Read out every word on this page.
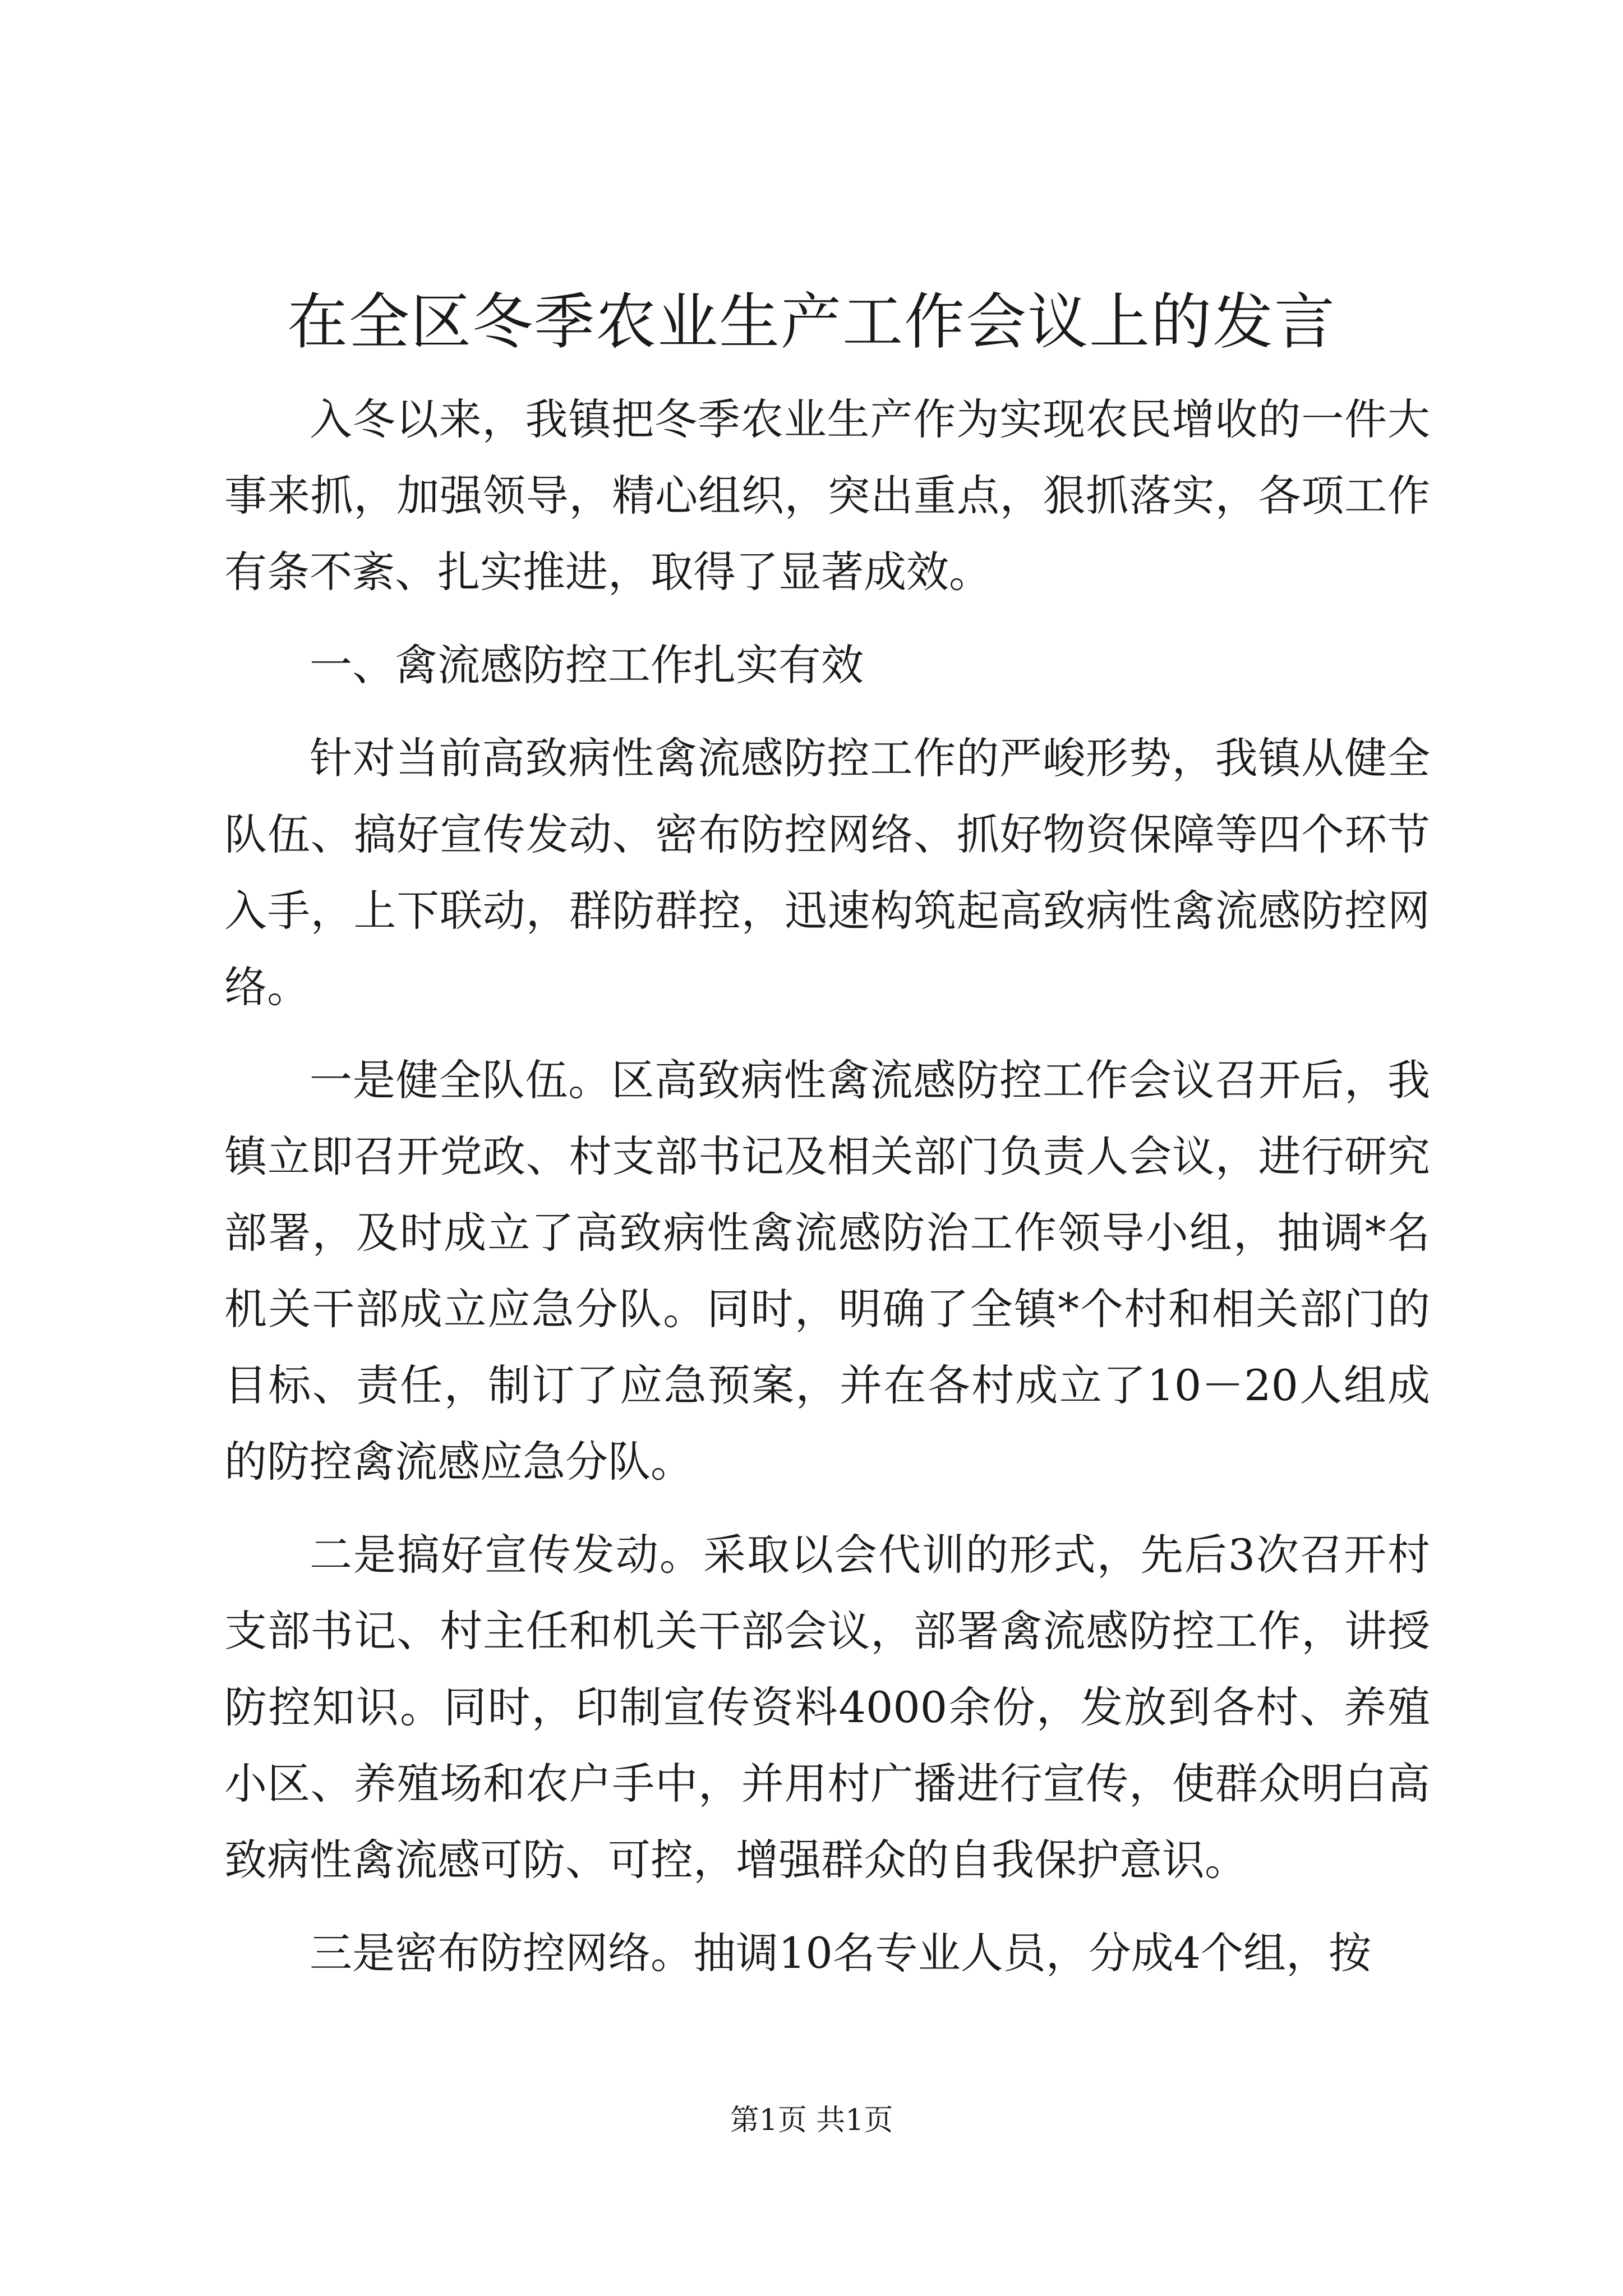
在全区冬季农业生产工作会议上的发言

入冬以来，我镇把冬季农业生产作为实现农民增收的一件大事来抓，加强领导，精心组织，突出重点，狠抓落实，各项工作有条不紊、扎实推进，取得了显著成效。

一、禽流感防控工作扎实有效

针对当前高致病性禽流感防控工作的严峻形势，我镇从健全队伍、搞好宣传发动、密布防控网络、抓好物资保障等四个环节入手，上下联动，群防群控，迅速构筑起高致病性禽流感防控网络。

一是健全队伍。区高致病性禽流感防控工作会议召开后，我镇立即召开党政、村支部书记及相关部门负责人会议，进行研究部署，及时成立了高致病性禽流感防治工作领导小组，抽调*名机关干部成立应急分队。同时，明确了全镇*个村和相关部门的目标、责任，制订了应急预案，并在各村成立了10－20人组成的防控禽流感应急分队。

二是搞好宣传发动。采取以会代训的形式，先后3次召开村支部书记、村主任和机关干部会议，部署禽流感防控工作，讲授防控知识。同时，印制宣传资料4000余份，发放到各村、养殖小区、养殖场和农户手中，并用村广播进行宣传，使群众明白高致病性禽流感可防、可控，增强群众的自我保护意识。

三是密布防控网络。抽调10名专业人员，分成4个组，按

第1页 共1页
